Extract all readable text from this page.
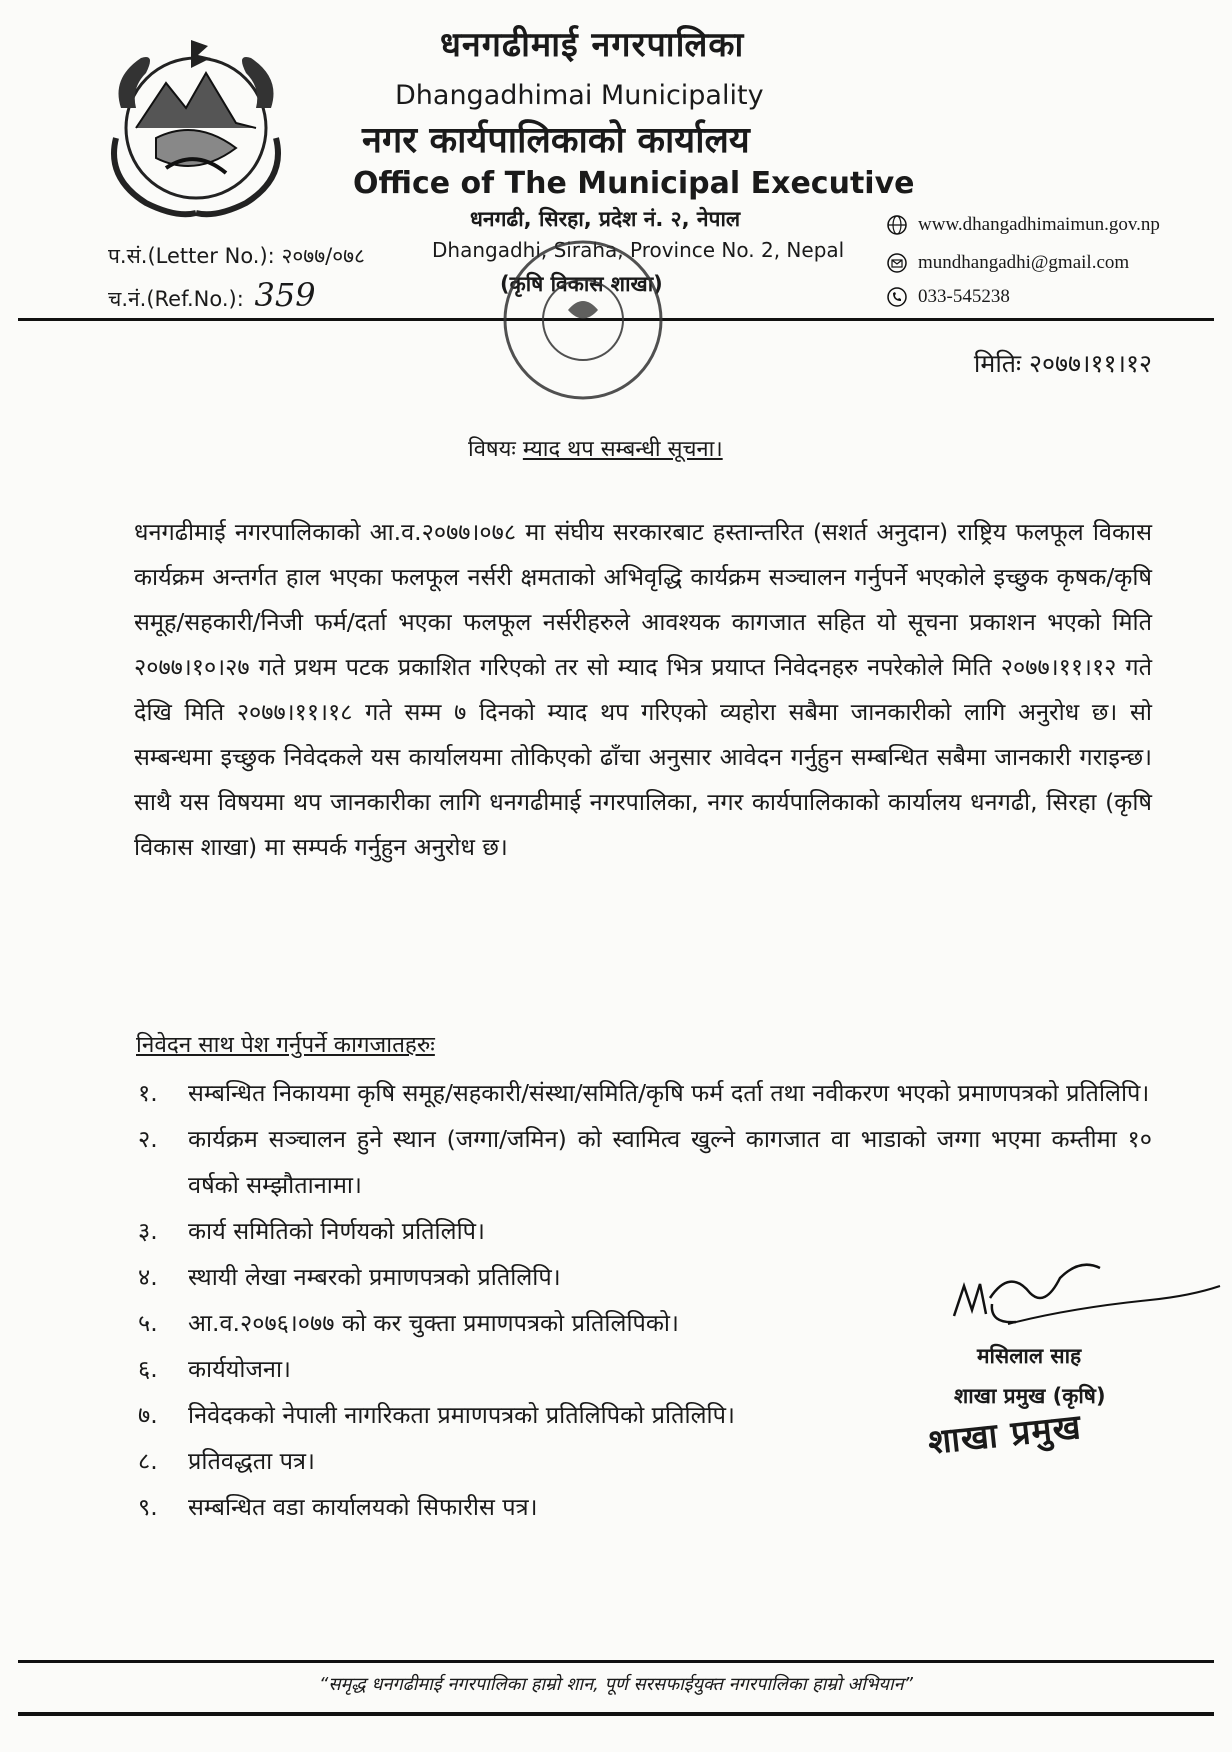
धनगढीमाई नगरपालिका
Dhangadhimai Municipality
नगर कार्यपालिकाको कार्यालय
Office of The Municipal Executive
धनगढी, सिरहा, प्रदेश नं. २, नेपाल
Dhangadhi, Siraha, Province No. 2, Nepal
(कृषि विकास शाखा)
प.सं.(Letter No.): २०७७/०७८
च.नं.(Ref.No.): 359
www.dhangadhimaimun.gov.np
mundhangadhi@gmail.com
033-545238
मितिः २०७७।११।१२
विषयः म्याद थप सम्बन्धी सूचना।
धनगढीमाई नगरपालिकाको आ.व.२०७७।०७८ मा संघीय सरकारबाट हस्तान्तरित (सशर्त अनुदान) राष्ट्रिय फलफूल विकास कार्यक्रम अन्तर्गत हाल भएका फलफूल नर्सरी क्षमताको अभिवृद्धि कार्यक्रम सञ्चालन गर्नुपर्ने भएकोले इच्छुक कृषक/कृषि समूह/सहकारी/निजी फर्म/दर्ता भएका फलफूल नर्सरीहरुले आवश्यक कागजात सहित यो सूचना प्रकाशन भएको मिति २०७७।१०।२७ गते प्रथम पटक प्रकाशित गरिएको तर सो म्याद भित्र प्रयाप्त निवेदनहरु नपरेकोले मिति २०७७।११।१२ गते देखि मिति २०७७।११।१८ गते सम्म ७ दिनको म्याद थप गरिएको व्यहोरा सबैमा जानकारीको लागि अनुरोध छ। सो सम्बन्धमा इच्छुक निवेदकले यस कार्यालयमा तोकिएको ढाँचा अनुसार आवेदन गर्नुहुन सम्बन्धित सबैमा जानकारी गराइन्छ। साथै यस विषयमा थप जानकारीका लागि धनगढीमाई नगरपालिका, नगर कार्यपालिकाको कार्यालय धनगढी, सिरहा (कृषि विकास शाखा) मा सम्पर्क गर्नुहुन अनुरोध छ।
निवेदन साथ पेश गर्नुपर्ने कागजातहरुः
१.	सम्बन्धित निकायमा कृषि समूह/सहकारी/संस्था/समिति/कृषि फर्म दर्ता तथा नवीकरण भएको प्रमाणपत्रको प्रतिलिपि।
२.	कार्यक्रम सञ्चालन हुने स्थान (जग्गा/जमिन) को स्वामित्व खुल्ने कागजात वा भाडाको जग्गा भएमा कम्तीमा १० वर्षको सम्झौतानामा।
३.	कार्य समितिको निर्णयको प्रतिलिपि।
४.	स्थायी लेखा नम्बरको प्रमाणपत्रको प्रतिलिपि।
५.	आ.व.२०७६।०७७ को कर चुक्ता प्रमाणपत्रको प्रतिलिपिको।
६.	कार्ययोजना।
७.	निवेदकको नेपाली नागरिकता प्रमाणपत्रको प्रतिलिपिको प्रतिलिपि।
८.	प्रतिवद्धता पत्र।
९.	सम्बन्धित वडा कार्यालयको सिफारीस पत्र।
मसिलाल साह
शाखा प्रमुख (कृषि)
शाखा प्रमुख
“समृद्ध धनगढीमाई नगरपालिका हाम्रो शान, पूर्ण सरसफाईयुक्त नगरपालिका हाम्रो अभियान”
